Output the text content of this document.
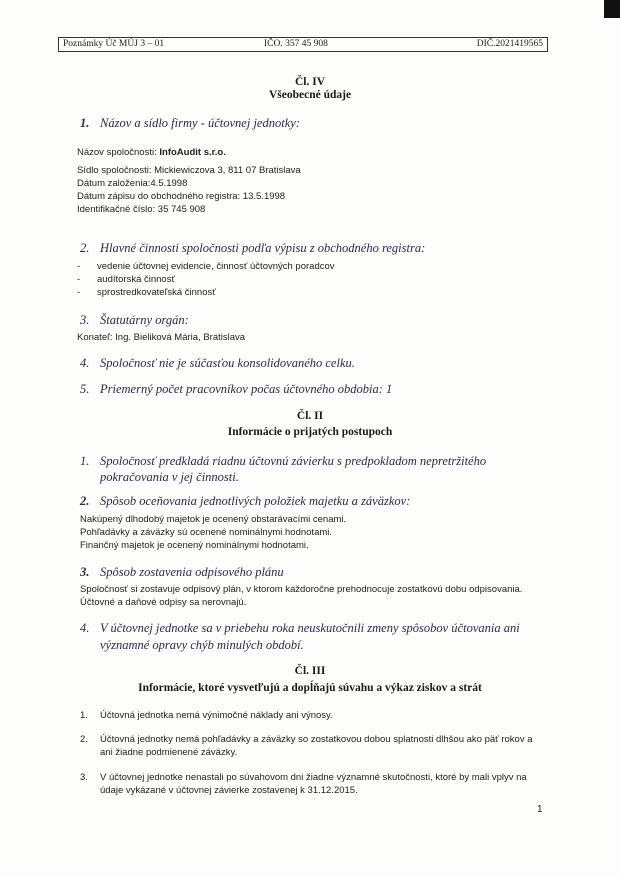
Poznámky Úč MÚJ 3 – 01	IČO. 357 45 908	DIČ.2021419565
Čl. IV
Všeobecné údaje
1. Názov a sídlo firmy - účtovnej jednotky:
Názov spoločnosti: InfoAudit s.r.o.
Sídlo spoločnosti: Mickiewiczova 3, 811 07 Bratislava
Dátum založenia:4.5.1998
Dátum zápisu do obchodného registra: 13.5.1998
Identifikačné číslo: 35 745 908
2. Hlavné činnosti spoločnosti podľa výpisu z obchodného registra:
- vedenie účtovnej evidencie, činnosť účtovných poradcov
- audítorská činnosť
- sprostredkovateľská činnosť
3. Štatutárny orgán:
Konateľ: Ing. Bieliková Mária, Bratislava
4. Spoločnosť nie je súčasťou konsolidovaného celku.
5. Priemerný počet pracovníkov počas účtovného obdobia: 1
Čl. II
Informácie o prijatých postupoch
1. Spoločnosť predkladá riadnu účtovnú závierku s predpokladom nepretržitého pokračovania v jej činnosti.
2. Spôsob oceňovania jednotlivých položiek majetku a záväzkov:
Nakúpený dlhodobý majetok je ocenený obstarávacími cenami.
Pohľadávky a záväzky sú ocenené nominálnymi hodnotami.
Finančný majetok je ocenený nominálnymi hodnotami.
3. Spôsob zostavenia odpisového plánu
Spoločnosť si zostavuje odpisový plán, v ktorom každoročne prehodnocuje zostatkovú dobu odpisovania.
Účtovné a daňové odpisy sa nerovnajú.
4. V účtovnej jednotke sa v priebehu roka neuskutočnili zmeny spôsobov účtovania ani významné opravy chýb minulých období.
Čl. III
Informácie, ktoré vysvetľujú a dopĺňajú súvahu a výkaz ziskov a strát
1. Účtovná jednotka nemá výnimočné náklady ani výnosy.
2.	Účtovná jednotky nemá pohľadávky a záväzky so zostatkovou dobou splatnosti dlhšou ako päť rokov a ani žiadne podmienené záväzky.
3.	V účtovnej jednotke nenastali po súvahovom dni žiadne významné skutočnosti, ktoré by mali vplyv na údaje vykázané v účtovnej závierke zostavenej k 31.12.2015.
1
